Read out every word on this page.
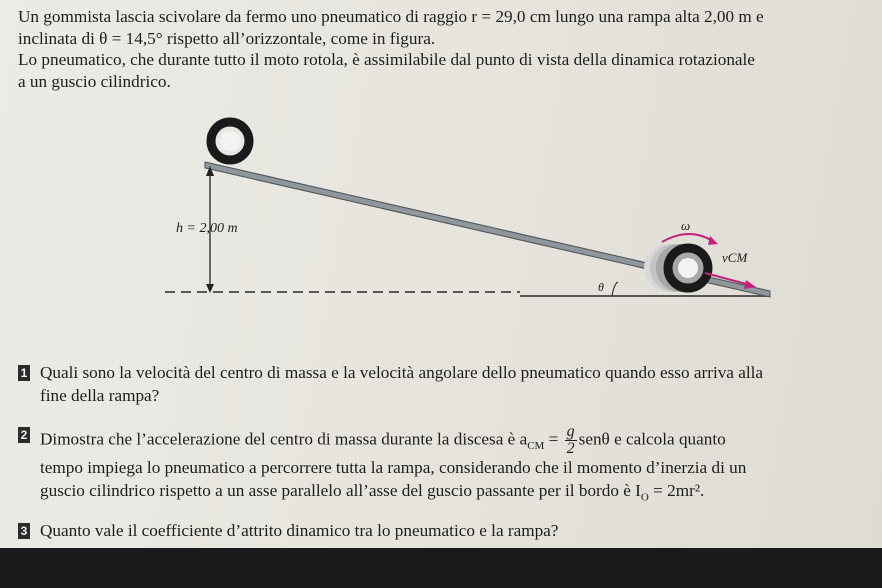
Un gommista lascia scivolare da fermo uno pneumatico di raggio r = 29,0 cm lungo una rampa alta 2,00 m e
inclinata di θ = 14,5° rispetto all’orizzontale, come in figura.
Lo pneumatico, che durante tutto il moto rotola, è assimilabile dal punto di vista della dinamica rotazionale
a un guscio cilindrico.
h = 2,00 m	ω
vCM
θ
1 Quali sono la velocità del centro di massa e la velocità angolare dello pneumatico quando esso arriva alla
fine della rampa?
2 Dimostra che l’accelerazione del centro di massa durante la discesa è $a_{CM} = \frac{g}{2}$ senθ e calcola quanto
tempo impiega lo pneumatico a percorrere tutta la rampa, considerando che il momento d’inerzia di un
guscio cilindrico rispetto a un asse parallelo all’asse del guscio passante per il bordo è $I_O = 2mr^2$.
3 Quanto vale il coefficiente d’attrito dinamico tra lo pneumatico e la rampa?
